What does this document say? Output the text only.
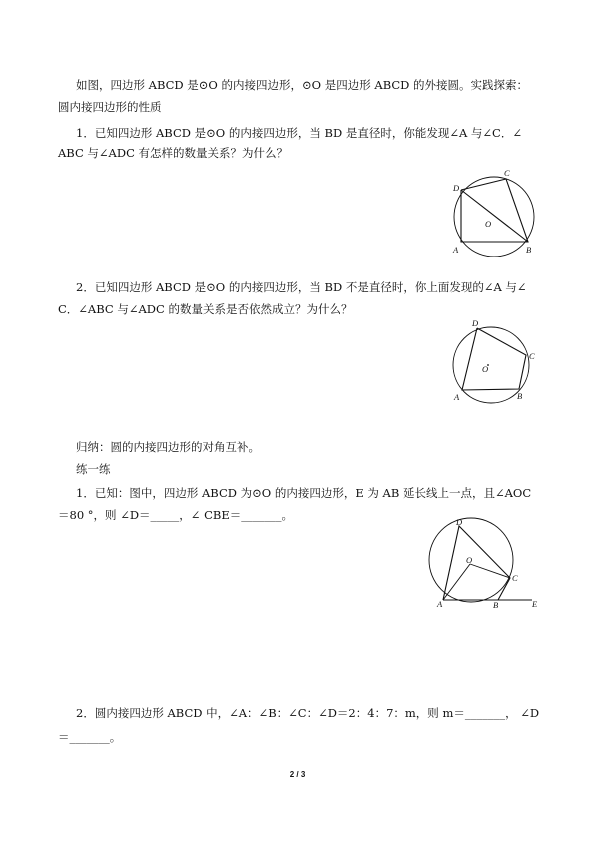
如图，四边形 ABCD 是⊙O 的内接四边形，⊙O 是四边形 ABCD 的外接圆。实践探索：
圆内接四边形的性质
1．已知四边形 ABCD 是⊙O 的内接四边形，当 BD 是直径时，你能发现∠A 与∠C．∠
ABC 与∠ADC 有怎样的数量关系？为什么？
D
C
O
A	B
2．已知四边形 ABCD 是⊙O 的内接四边形，当 BD 不是直径时，你上面发现的∠A 与∠
C．∠ABC 与∠ADC 的数量关系是否依然成立？为什么？
D
C
O
A	B
归纳：圆的内接四边形的对角互补。
练一练
1．已知：图中，四边形 ABCD 为⊙O 的内接四边形，E 为 AB 延长线上一点，且∠AOC
＝80 °，则 ∠D＝_____，∠ CBE＝_______。	D
O
C
A	B	E
2．圆内接四边形 ABCD 中，∠A：∠B：∠C：∠D＝2：4：7：m，则 m＝_______， ∠D
＝_______。
2 / 3
